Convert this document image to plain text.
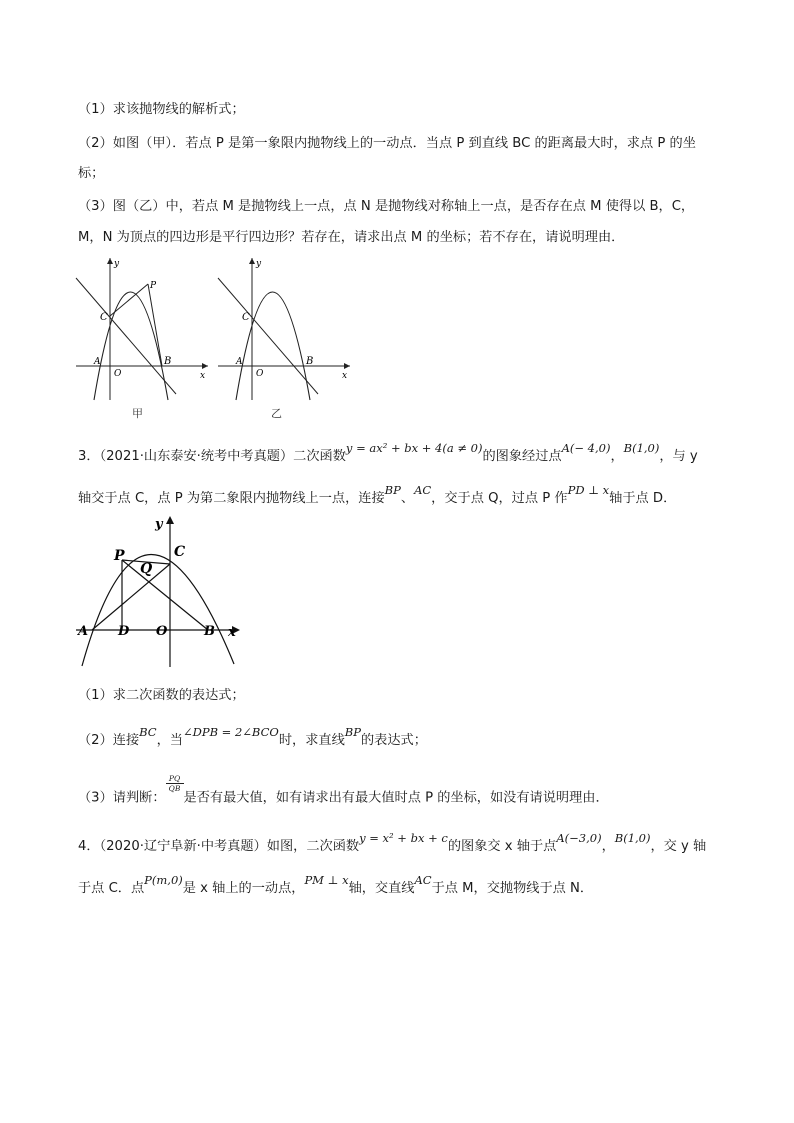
（1）求该抛物线的解析式；
（2）如图（甲）．若点 P 是第一象限内抛物线上的一动点．当点 P 到直线 BC 的距离最大时，求点 P 的坐
标；
（3）图（乙）中，若点 M 是抛物线上一点，点 N 是抛物线对称轴上一点，是否存在点 M 使得以 B，C，
M，N 为顶点的四边形是平行四边形？若存在，请求出点 M 的坐标；若不存在，请说明理由．
y
x
P
C
A
O
B
甲
y
x
C
A
O
B
乙
3．（2021·山东泰安·统考中考真题）二次函数y = ax² + bx + 4(a ≠ 0)的图象经过点A(− 4,0)，B(1,0)，与 y
轴交于点 C，点 P 为第二象限内抛物线上一点，连接BP、AC，交于点 Q，过点 P 作PD ⊥ x轴于点 D．
y
x
P
Q
C
A D O	B
（1）求二次函数的表达式；
（2）连接BC，当∠DPB = 2∠BCO时，求直线BP的表达式；
（3）请判断：
$\frac{PQ}{QB}$
是否有最大值，如有请求出有最大值时点 P 的坐标，如没有请说明理由．
4．（2020·辽宁阜新·中考真题）如图，二次函数y = x² + bx + c的图象交 x 轴于点A(−3,0)，B(1,0)，交 y 轴
于点 C．点P(m,0)是 x 轴上的一动点，PM ⊥ x轴，交直线AC于点 M，交抛物线于点 N．
